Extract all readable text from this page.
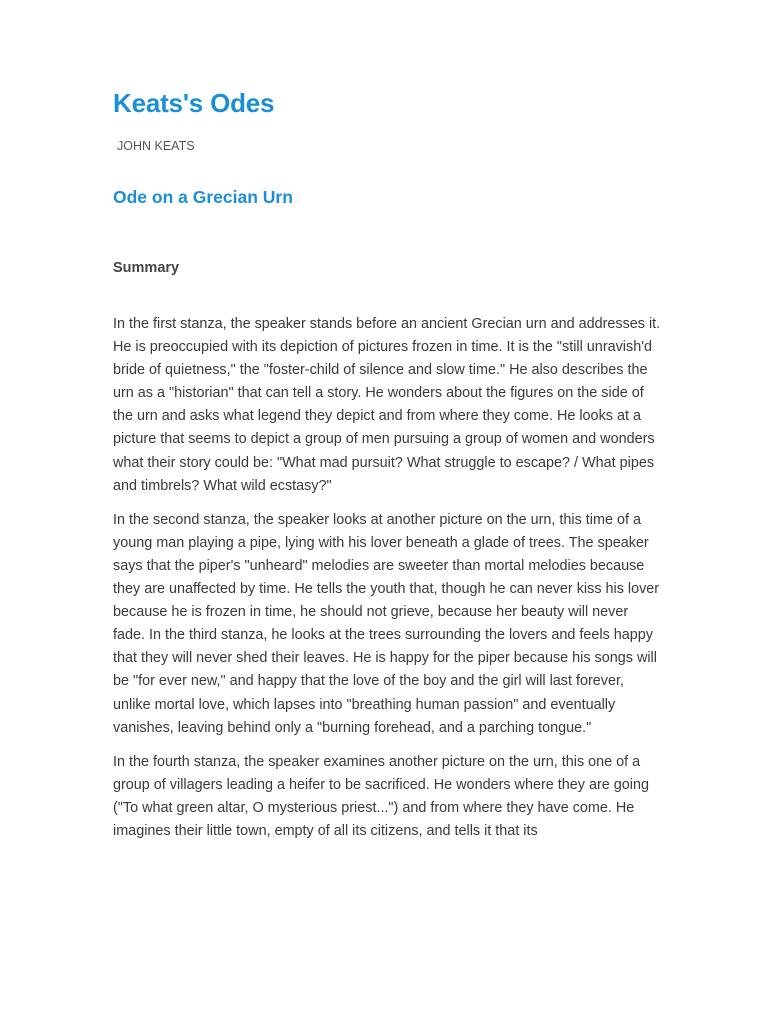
Keats's Odes
JOHN KEATS
Ode on a Grecian Urn
Summary

In the first stanza, the speaker stands before an ancient Grecian urn and addresses it. He is preoccupied with its depiction of pictures frozen in time. It is the "still unravish'd bride of quietness," the "foster-child of silence and slow time." He also describes the urn as a "historian" that can tell a story. He wonders about the figures on the side of the urn and asks what legend they depict and from where they come. He looks at a picture that seems to depict a group of men pursuing a group of women and wonders what their story could be: "What mad pursuit? What struggle to escape? / What pipes and timbrels? What wild ecstasy?"

In the second stanza, the speaker looks at another picture on the urn, this time of a young man playing a pipe, lying with his lover beneath a glade of trees. The speaker says that the piper's "unheard" melodies are sweeter than mortal melodies because they are unaffected by time. He tells the youth that, though he can never kiss his lover because he is frozen in time, he should not grieve, because her beauty will never fade. In the third stanza, he looks at the trees surrounding the lovers and feels happy that they will never shed their leaves. He is happy for the piper because his songs will be "for ever new," and happy that the love of the boy and the girl will last forever, unlike mortal love, which lapses into "breathing human passion" and eventually vanishes, leaving behind only a "burning forehead, and a parching tongue."

In the fourth stanza, the speaker examines another picture on the urn, this one of a group of villagers leading a heifer to be sacrificed. He wonders where they are going ("To what green altar, O mysterious priest...") and from where they have come. He imagines their little town, empty of all its citizens, and tells it that its
